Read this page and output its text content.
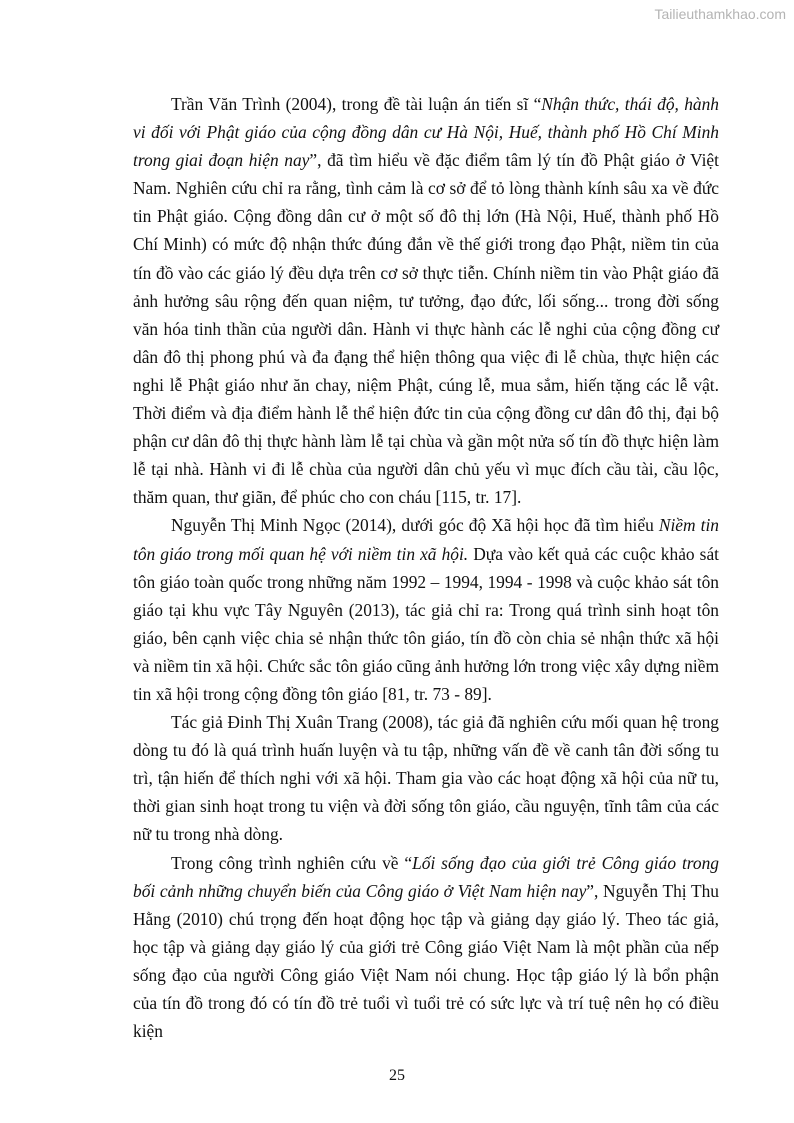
Tailieuthamkhao.com

Trần Văn Trình (2004), trong đề tài luận án tiến sĩ “Nhận thức, thái độ, hành vi đối với Phật giáo của cộng đồng dân cư Hà Nội, Huế, thành phố Hồ Chí Minh trong giai đoạn hiện nay”, đã tìm hiểu về đặc điểm tâm lý tín đồ Phật giáo ở Việt Nam. Nghiên cứu chỉ ra rằng, tình cảm là cơ sở để tỏ lòng thành kính sâu xa về đức tin Phật giáo. Cộng đồng dân cư ở một số đô thị lớn (Hà Nội, Huế, thành phố Hồ Chí Minh) có mức độ nhận thức đúng đắn về thế giới trong đạo Phật, niềm tin của tín đồ vào các giáo lý đều dựa trên cơ sở thực tiễn. Chính niềm tin vào Phật giáo đã ảnh hưởng sâu rộng đến quan niệm, tư tưởng, đạo đức, lối sống... trong đời sống văn hóa tinh thần của người dân. Hành vi thực hành các lễ nghi của cộng đồng cư dân đô thị phong phú và đa đạng thể hiện thông qua việc đi lễ chùa, thực hiện các nghi lễ Phật giáo như ăn chay, niệm Phật, cúng lễ, mua sắm, hiến tặng các lễ vật. Thời điểm và địa điểm hành lễ thể hiện đức tin của cộng đồng cư dân đô thị, đại bộ phận cư dân đô thị thực hành làm lễ tại chùa và gần một nửa số tín đồ thực hiện làm lễ tại nhà. Hành vi đi lễ chùa của người dân chủ yếu vì mục đích cầu tài, cầu lộc, thăm quan, thư giãn, để phúc cho con cháu [115, tr. 17].

Nguyễn Thị Minh Ngọc (2014), dưới góc độ Xã hội học đã tìm hiểu Niềm tin tôn giáo trong mối quan hệ với niềm tin xã hội. Dựa vào kết quả các cuộc khảo sát tôn giáo toàn quốc trong những năm 1992 – 1994, 1994 - 1998 và cuộc khảo sát tôn giáo tại khu vực Tây Nguyên (2013), tác giả chỉ ra: Trong quá trình sinh hoạt tôn giáo, bên cạnh việc chia sẻ nhận thức tôn giáo, tín đồ còn chia sẻ nhận thức xã hội và niềm tin xã hội. Chức sắc tôn giáo cũng ảnh hưởng lớn trong việc xây dựng niềm tin xã hội trong cộng đồng tôn giáo [81, tr. 73 - 89].

Tác giả Đinh Thị Xuân Trang (2008), tác giả đã nghiên cứu mối quan hệ trong dòng tu đó là quá trình huấn luyện và tu tập, những vấn đề về canh tân đời sống tu trì, tận hiến để thích nghi với xã hội. Tham gia vào các hoạt động xã hội của nữ tu, thời gian sinh hoạt trong tu viện và đời sống tôn giáo, cầu nguyện, tĩnh tâm của các nữ tu trong nhà dòng.

Trong công trình nghiên cứu về “Lối sống đạo của giới trẻ Công giáo trong bối cảnh những chuyển biến của Công giáo ở Việt Nam hiện nay”, Nguyễn Thị Thu Hằng (2010) chú trọng đến hoạt động học tập và giảng dạy giáo lý. Theo tác giả, học tập và giảng dạy giáo lý của giới trẻ Công giáo Việt Nam là một phần của nếp sống đạo của người Công giáo Việt Nam nói chung. Học tập giáo lý là bổn phận của tín đồ trong đó có tín đồ trẻ tuổi vì tuổi trẻ có sức lực và trí tuệ nên họ có điều kiện

25
